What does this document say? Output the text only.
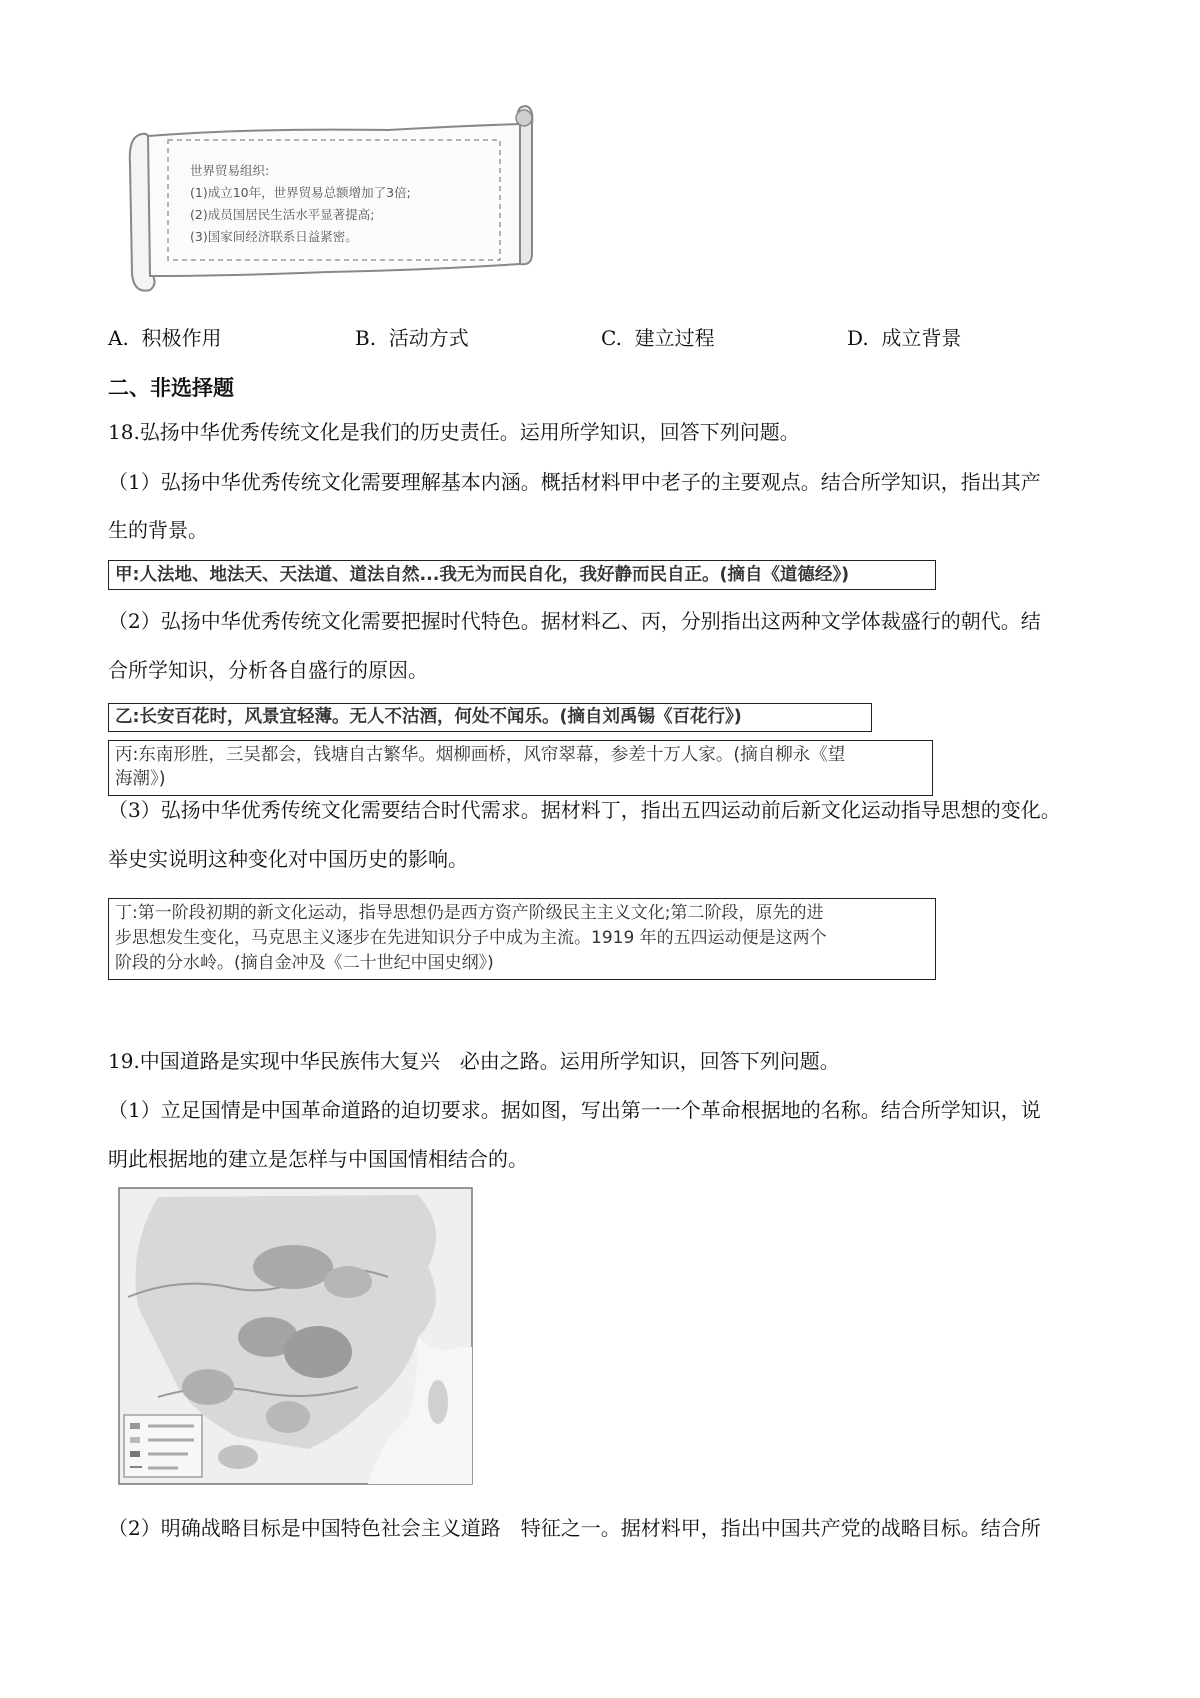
世界贸易组织:
(1)成立10年，世界贸易总额增加了3倍;
(2)成员国居民生活水平显著提高;
(3)国家间经济联系日益紧密。
A. 积极作用	B. 活动方式	C. 建立过程	D. 成立背景
二、非选择题
18.弘扬中华优秀传统文化是我们的历史责任。运用所学知识，回答下列问题。
（1）弘扬中华优秀传统文化需要理解基本内涵。概括材料甲中老子的主要观点。结合所学知识，指出其产
生的背景。
甲:人法地、地法天、天法道、道法自然...我无为而民自化，我好静而民自正。(摘自《道德经》)
（2）弘扬中华优秀传统文化需要把握时代特色。据材料乙、丙，分别指出这两种文学体裁盛行的朝代。结
合所学知识，分析各自盛行的原因。
乙:长安百花时，风景宜轻薄。无人不沽酒，何处不闻乐。(摘自刘禹锡《百花行》)
丙:东南形胜，三吴都会，钱塘自古繁华。烟柳画桥，风帘翠幕，参差十万人家。(摘自柳永《望
海潮》)
（3）弘扬中华优秀传统文化需要结合时代需求。据材料丁，指出五四运动前后新文化运动指导思想的变化。
举史实说明这种变化对中国历史的影响。
丁:第一阶段初期的新文化运动，指导思想仍是西方资产阶级民主主义文化;第二阶段，原先的进
步思想发生变化，马克思主义逐步在先进知识分子中成为主流。1919 年的五四运动便是这两个
阶段的分水岭。(摘自金冲及《二十世纪中国史纲》)
19.中国道路是实现中华民族伟大复兴　必由之路。运用所学知识，回答下列问题。
（1）立足国情是中国革命道路的迫切要求。据如图，写出第一一个革命根据地的名称。结合所学知识，说
明此根据地的建立是怎样与中国国情相结合的。
（2）明确战略目标是中国特色社会主义道路　特征之一。据材料甲，指出中国共产党的战略目标。结合所
